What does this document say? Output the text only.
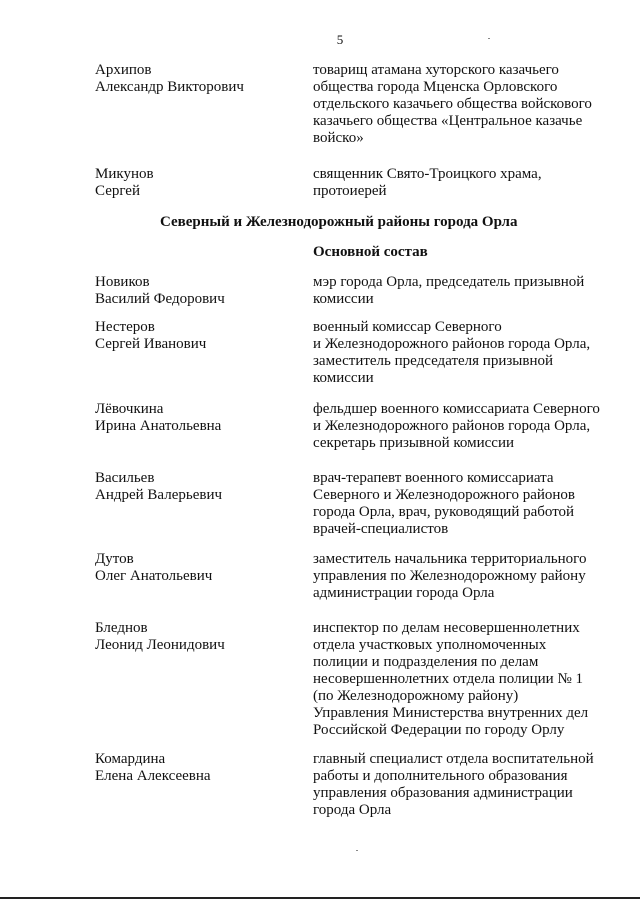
5
Архипов
Александр Викторович
товарищ атамана хуторского казачьего
общества города Мценска Орловского
отдельского казачьего общества войскового
казачьего общества «Центральное казачье
войско»
Микунов
Сергей
священник Свято-Троицкого храма,
протоиерей
Северный и Железнодорожный районы города Орла
Основной состав
Новиков
Василий Федорович
мэр города Орла, председатель призывной
комиссии
Нестеров
Сергей Иванович
военный комиссар Северного
и Железнодорожного районов города Орла,
заместитель председателя призывной
комиссии
Лёвочкина
Ирина Анатольевна
фельдшер военного комиссариата Северного
и Железнодорожного районов города Орла,
секретарь призывной комиссии
Васильев
Андрей Валерьевич
врач-терапевт военного комиссариата
Северного и Железнодорожного районов
города Орла, врач, руководящий работой
врачей-специалистов
Дутов
Олег Анатольевич
заместитель начальника территориального
управления по Железнодорожному району
администрации города Орла
Бледнов
Леонид Леонидович
инспектор по делам несовершеннолетних
отдела участковых уполномоченных
полиции и подразделения по делам
несовершеннолетних отдела полиции № 1
(по Железнодорожному району)
Управления Министерства внутренних дел
Российской Федерации по городу Орлу
Комардина
Елена Алексеевна
главный специалист отдела воспитательной
работы и дополнительного образования
управления образования администрации
города Орла
